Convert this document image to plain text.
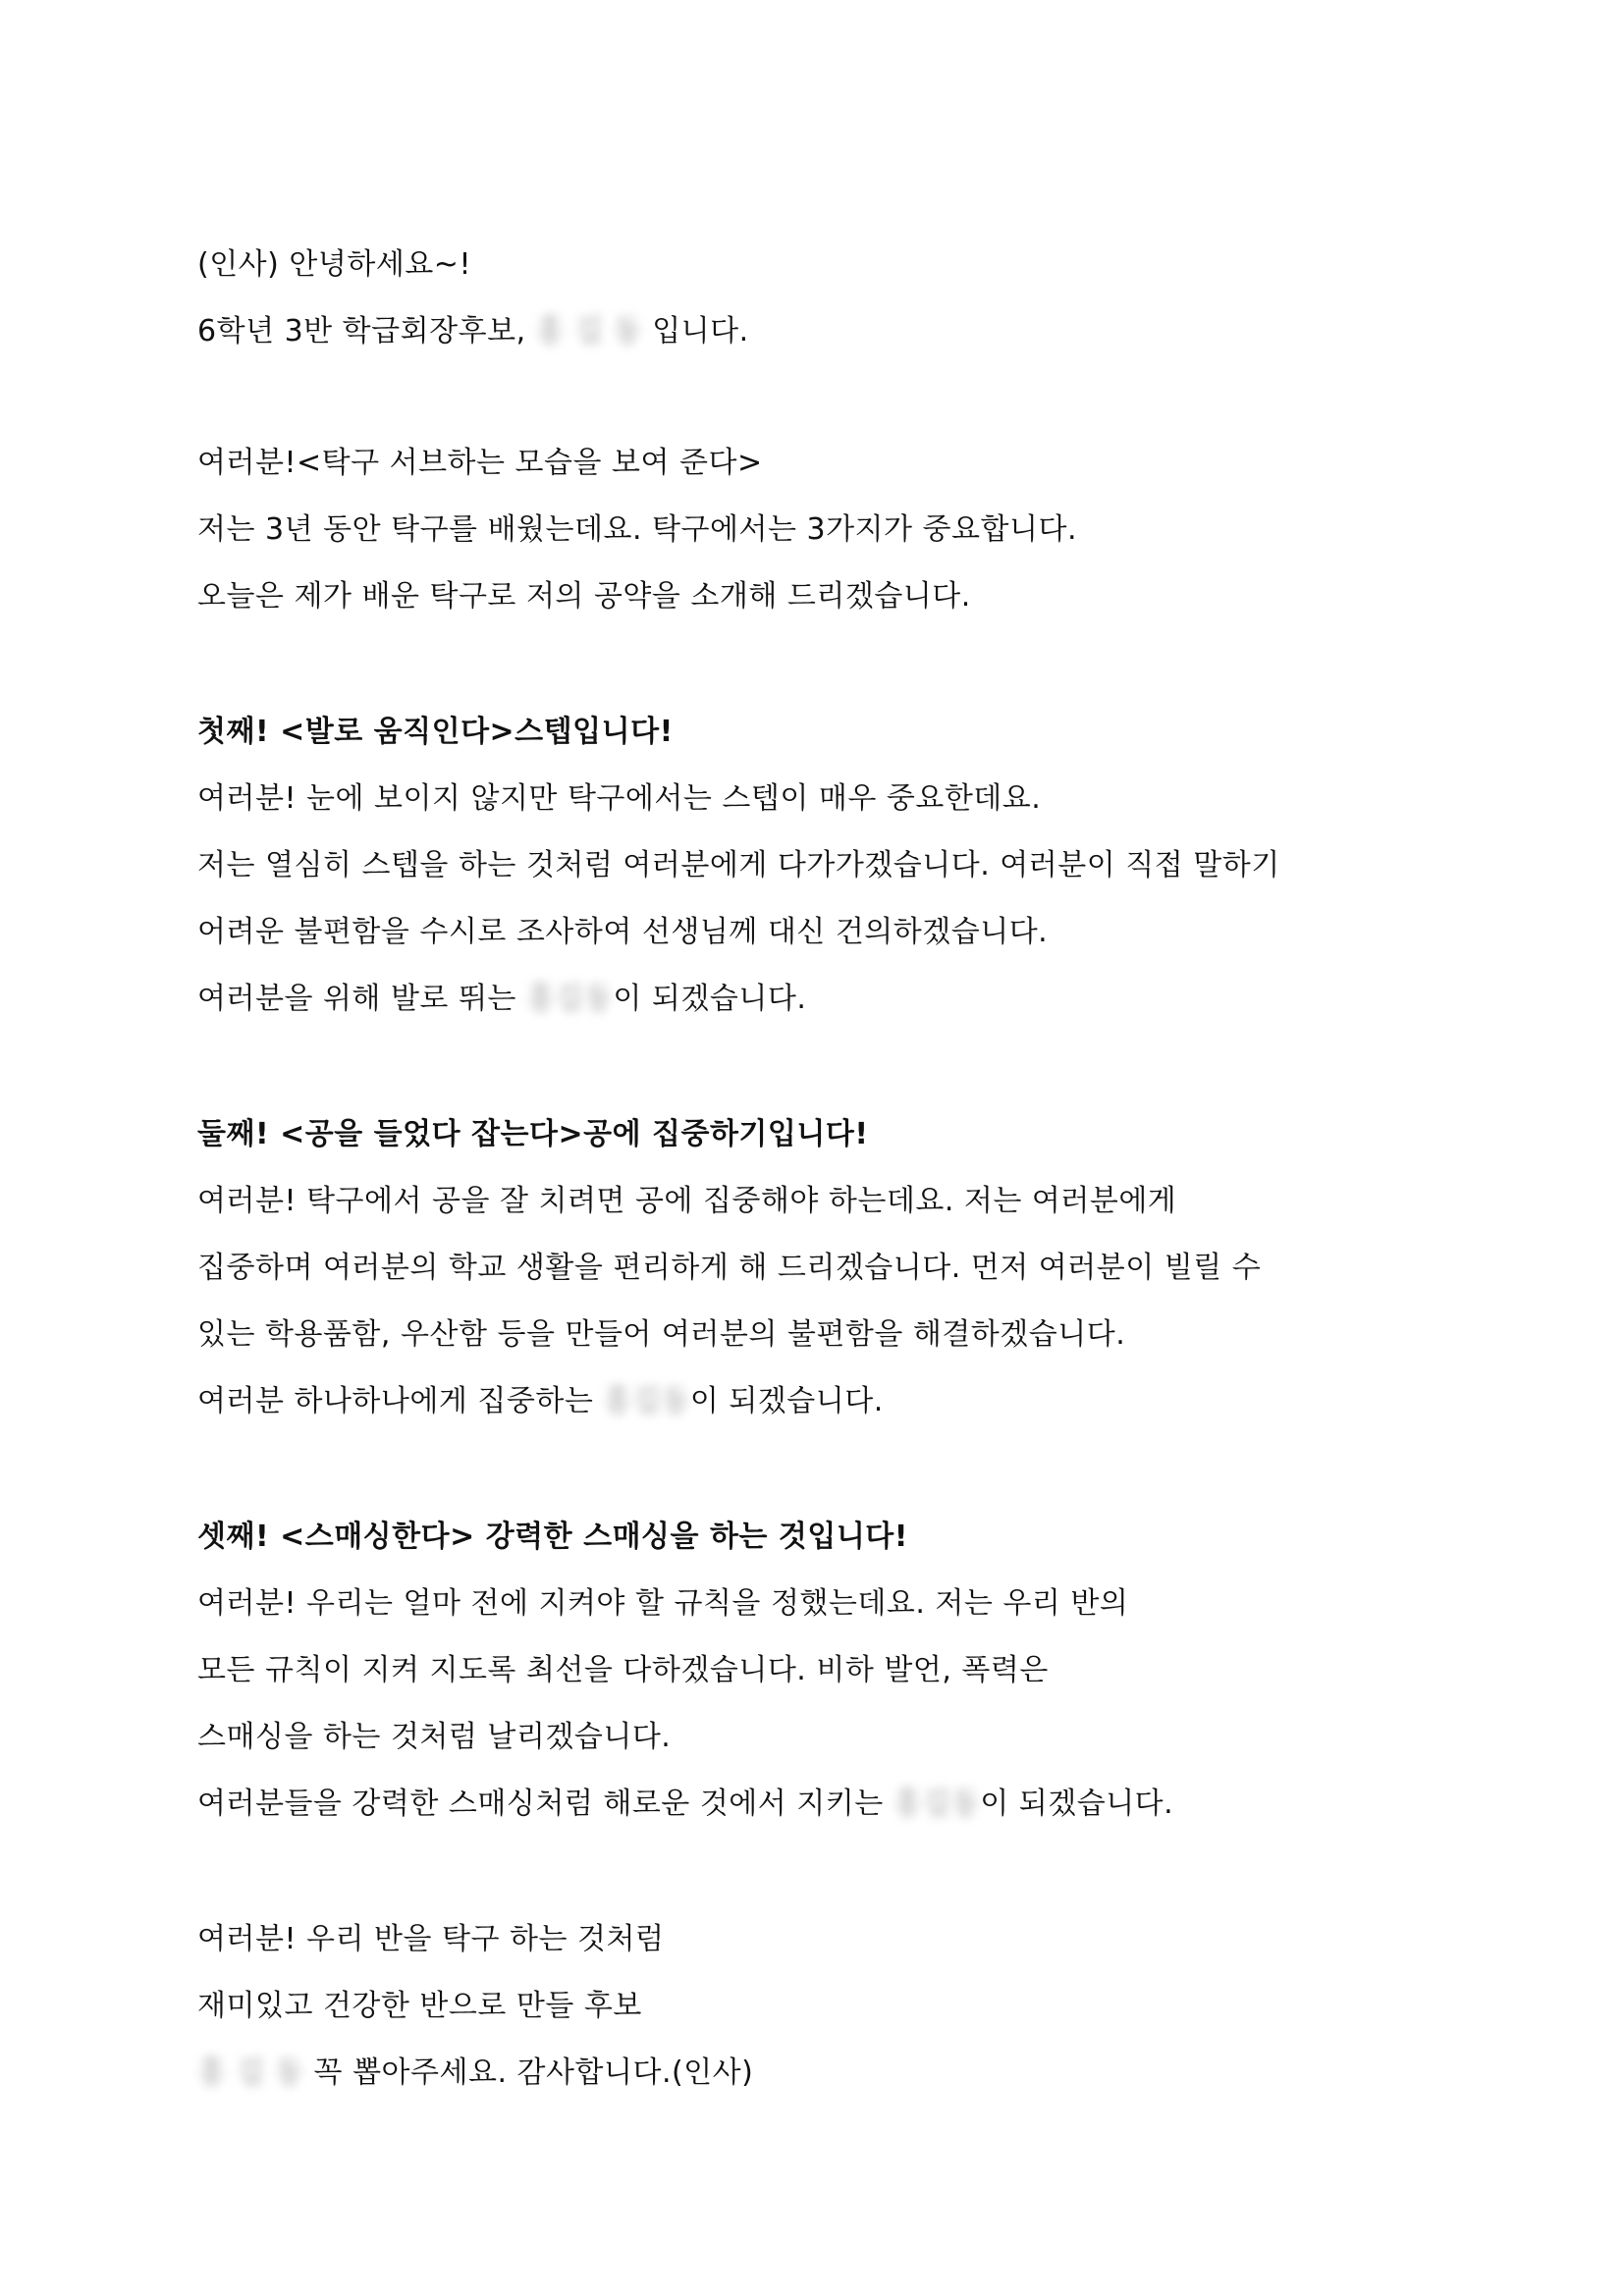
(인사) 안녕하세요~!
6학년 3반 학급회장후보, 홍 길 동 입니다.
여러분!<탁구 서브하는 모습을 보여 준다>
저는 3년 동안 탁구를 배웠는데요. 탁구에서는 3가지가 중요합니다.
오늘은 제가 배운 탁구로 저의 공약을 소개해 드리겠습니다.
첫째! <발로 움직인다>스텝입니다!
여러분! 눈에 보이지 않지만 탁구에서는 스텝이 매우 중요한데요.
저는 열심히 스텝을 하는 것처럼 여러분에게 다가가겠습니다. 여러분이 직접 말하기
어려운 불편함을 수시로 조사하여 선생님께 대신 건의하겠습니다.
여러분을 위해 발로 뛰는 홍길동이 되겠습니다.
둘째! <공을 들었다 잡는다>공에 집중하기입니다!
여러분! 탁구에서 공을 잘 치려면 공에 집중해야 하는데요. 저는 여러분에게
집중하며 여러분의 학교 생활을 편리하게 해 드리겠습니다. 먼저 여러분이 빌릴 수
있는 학용품함, 우산함 등을 만들어 여러분의 불편함을 해결하겠습니다.
여러분 하나하나에게 집중하는 홍길동이 되겠습니다.
셋째! <스매싱한다> 강력한 스매싱을 하는 것입니다!
여러분! 우리는 얼마 전에 지켜야 할 규칙을 정했는데요. 저는 우리 반의
모든 규칙이 지켜 지도록 최선을 다하겠습니다. 비하 발언, 폭력은
스매싱을 하는 것처럼 날리겠습니다.
여러분들을 강력한 스매싱처럼 해로운 것에서 지키는 홍길동이 되겠습니다.
여러분! 우리 반을 탁구 하는 것처럼
재미있고 건강한 반으로 만들 후보
홍 길 동 꼭 뽑아주세요. 감사합니다.(인사)
